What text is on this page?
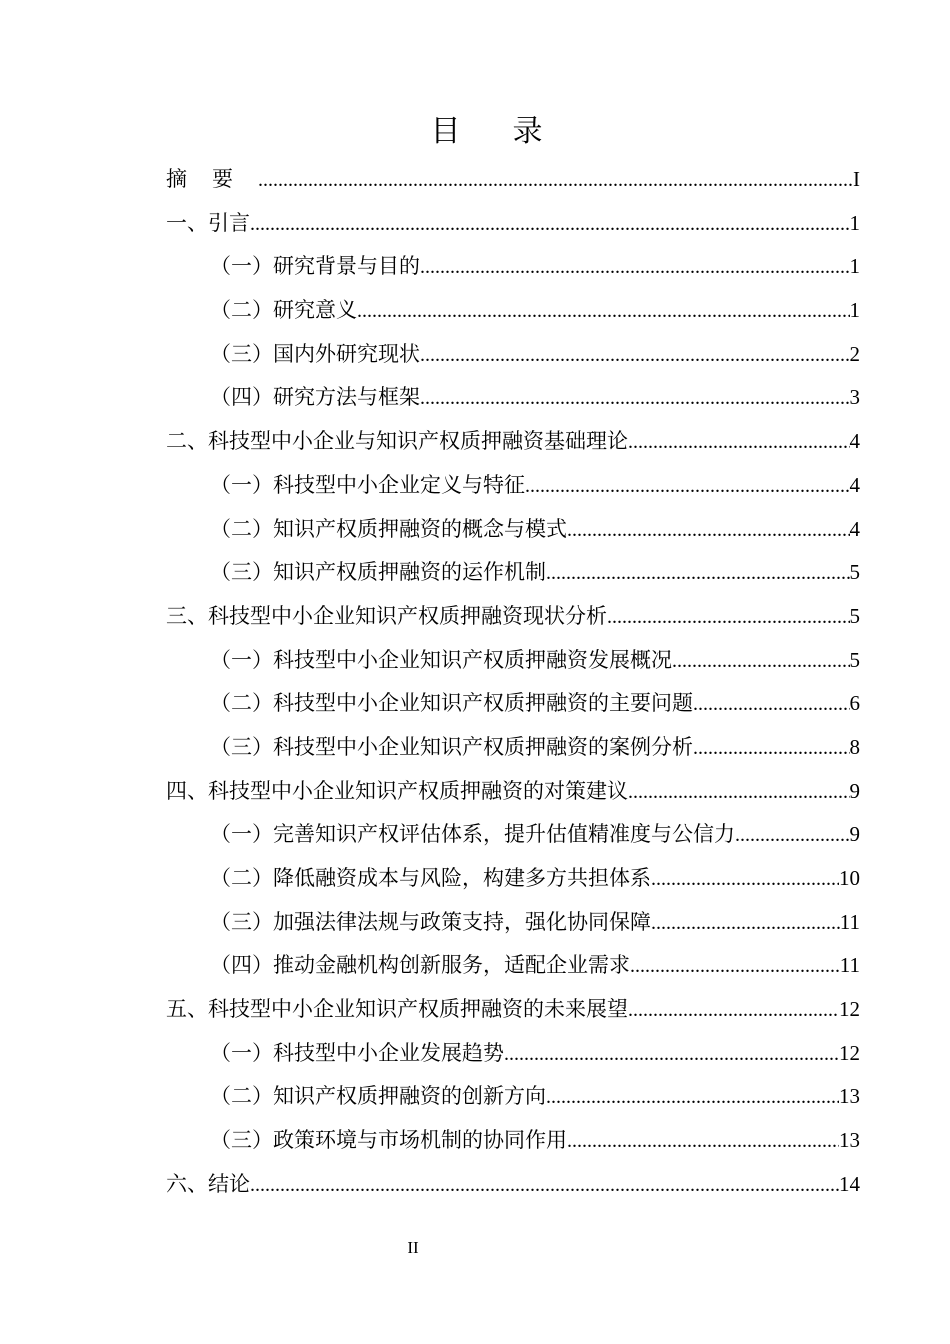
目录
摘要 .....	I
一、引言 .....	1
（一）研究背景与目的 .....	1
（二）研究意义 .....	1
（三）国内外研究现状 .....	2
（四）研究方法与框架 .....	3
二、科技型中小企业与知识产权质押融资基础理论 .....	4
（一）科技型中小企业定义与特征 .....	4
（二）知识产权质押融资的概念与模式 .....	4
（三）知识产权质押融资的运作机制 .....	5
三、科技型中小企业知识产权质押融资现状分析 .....	5
（一）科技型中小企业知识产权质押融资发展概况 .....	5
（二）科技型中小企业知识产权质押融资的主要问题 .....	6
（三）科技型中小企业知识产权质押融资的案例分析 .....	8
四、科技型中小企业知识产权质押融资的对策建议 .....	9
（一）完善知识产权评估体系，提升估值精准度与公信力 .....	9
（二）降低融资成本与风险，构建多方共担体系 .....	10
（三）加强法律法规与政策支持，强化协同保障 .....	11
（四）推动金融机构创新服务，适配企业需求 .....	11
五、科技型中小企业知识产权质押融资的未来展望 .....	12
（一）科技型中小企业发展趋势 .....	12
（二）知识产权质押融资的创新方向 .....	13
（三）政策环境与市场机制的协同作用 .....	13
六、结论 .....	14
II
